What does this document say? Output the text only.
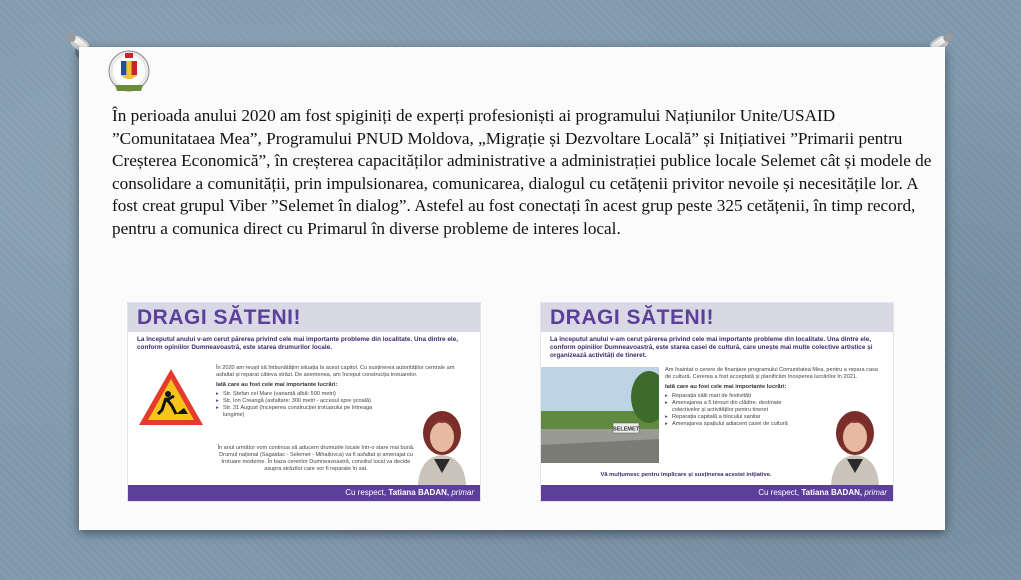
În perioada anului 2020 am fost spiginiți de experți profesioniști ai programului Națiunilor Unite/USAID ”Comunitataea Mea”, Programului PNUD Moldova, „Migrație și Dezvoltare Locală” și Inițiativei ”Primarii pentru Creșterea Economică”, în creșterea capacităților administrative a administrației publice locale Selemet cât și modele de consolidare a comunității, prin impulsionarea, comunicarea, dialogul cu cetățenii privitor nevoile și necesitățile lor. A fost creat grupul Viber ”Selemet în dialog”. Astefel au fost conectați în acest grup peste 325 cetățenii, în timp record, pentru a comunica direct cu Primarul în diverse probleme de interes local.

DRAGI SĂTENI!
La începutul anului v-am cerut părerea privind cele mai importante probleme din localitate. Una dintre ele, conform opiniilor Dumneavoastră, este starea drumurilor locale.
În 2020 am reușit să îmbunătățim situația la acest capitol. Cu susținerea autorităților centrale am asfaltat și reparat câteva străzi. De asemenea, am început construcția trotuarelor.
Iată care au fost cele mai importante lucrări:
▸ Str. Ștefan cel Mare (variantă albă: 500 metri)
▸ Str. Ion Creangă (asfaltare: 300 metri - accesul spre școală)
▸ Str. 31 August (începerea construcției trotuarului pe întreaga lungime)
În anul următor vom continua să aducem drumurile locale într-o stare mai bună. Drumul național (Sagaidac - Selemet - Mihailovca) va fi asfaltat și amenajat cu trotuare moderne. În baza cererilor Dumneavoastră, consiliul local va decide asupra străzilor care vor fi reparate în sat.
Cu respect, Tatiana BADAN, primar
DRAGI SĂTENI!
La începutul anului v-am cerut părerea privind cele mai importante probleme din localitate. Una dintre ele, conform opiniilor Dumneavoastră, este starea casei de cultură, care unește mai multe colective artistice și organizează activități de tineret.
SELEMET
Am înaintat o cerere de finanțare programului Comunitatea Mea, pentru a repara casa de cultură. Cererea a fost acceptată și planificăm începerea lucrărilor în 2021.
Iată care au fost cele mai importante lucrări:
▸ Reparația sălii mari de festivități
▸ Amenajarea a 5 birouri din clădire, destinate colectivelor și activităților pentru tineret
▸ Reparația capitală a blocului sanitar
▸ Amenajarea spațiului adiacent casei de cultură
Vă mulțumesc pentru implicare și susținerea acestei inițiative.
Cu respect, Tatiana BADAN, primar
